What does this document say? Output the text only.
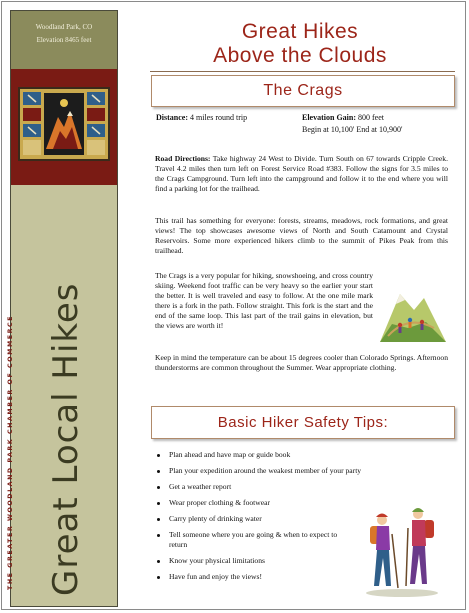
Woodland Park, CO
Elevation 8465 feet
THE GREATER WOODLAND PARK CHAMBER OF COMMERCE Great Local Hikes
Great Hikes
Above the Clouds
The Crags
Distance: 4 miles round trip	Elevation Gain: 800 feet
Begin at 10,100' End at 10,900'
Road Directions: Take highway 24 West to Divide. Turn South on 67 towards Cripple Creek. Travel 4.2 miles then turn left on Forest Service Road #383. Follow the signs for 3.5 miles to the Crags Campground. Turn left into the campground and follow it to the end where you will find a parking lot for the trailhead.
This trail has something for everyone: forests, streams, meadows, rock formations, and great views! The top showcases awesome views of North and South Catamount and Crystal Reservoirs. Some more experienced hikers climb to the summit of Pikes Peak from this trailhead.
The Crags is a very popular for hiking, snowshoeing, and cross country skiing. Weekend foot traffic can be very heavy so the earlier your start the better. It is well traveled and easy to follow. At the one mile mark there is a fork in the path. Follow straight. This fork is the start and the end of the same loop. This last part of the trail gains in elevation, but the views are worth it!
Keep in mind the temperature can be about 15 degrees cooler than Colorado Springs. Afternoon thunderstorms are common throughout the Summer. Wear appropriate clothing.
Basic Hiker Safety Tips:
Plan ahead and have map or guide book
Plan your expedition around the weakest member of your party
Get a weather report
Wear proper clothing & footwear
Carry plenty of drinking water
Tell someone where you are going & when to expect to return
Know your physical limitations
Have fun and enjoy the views!
